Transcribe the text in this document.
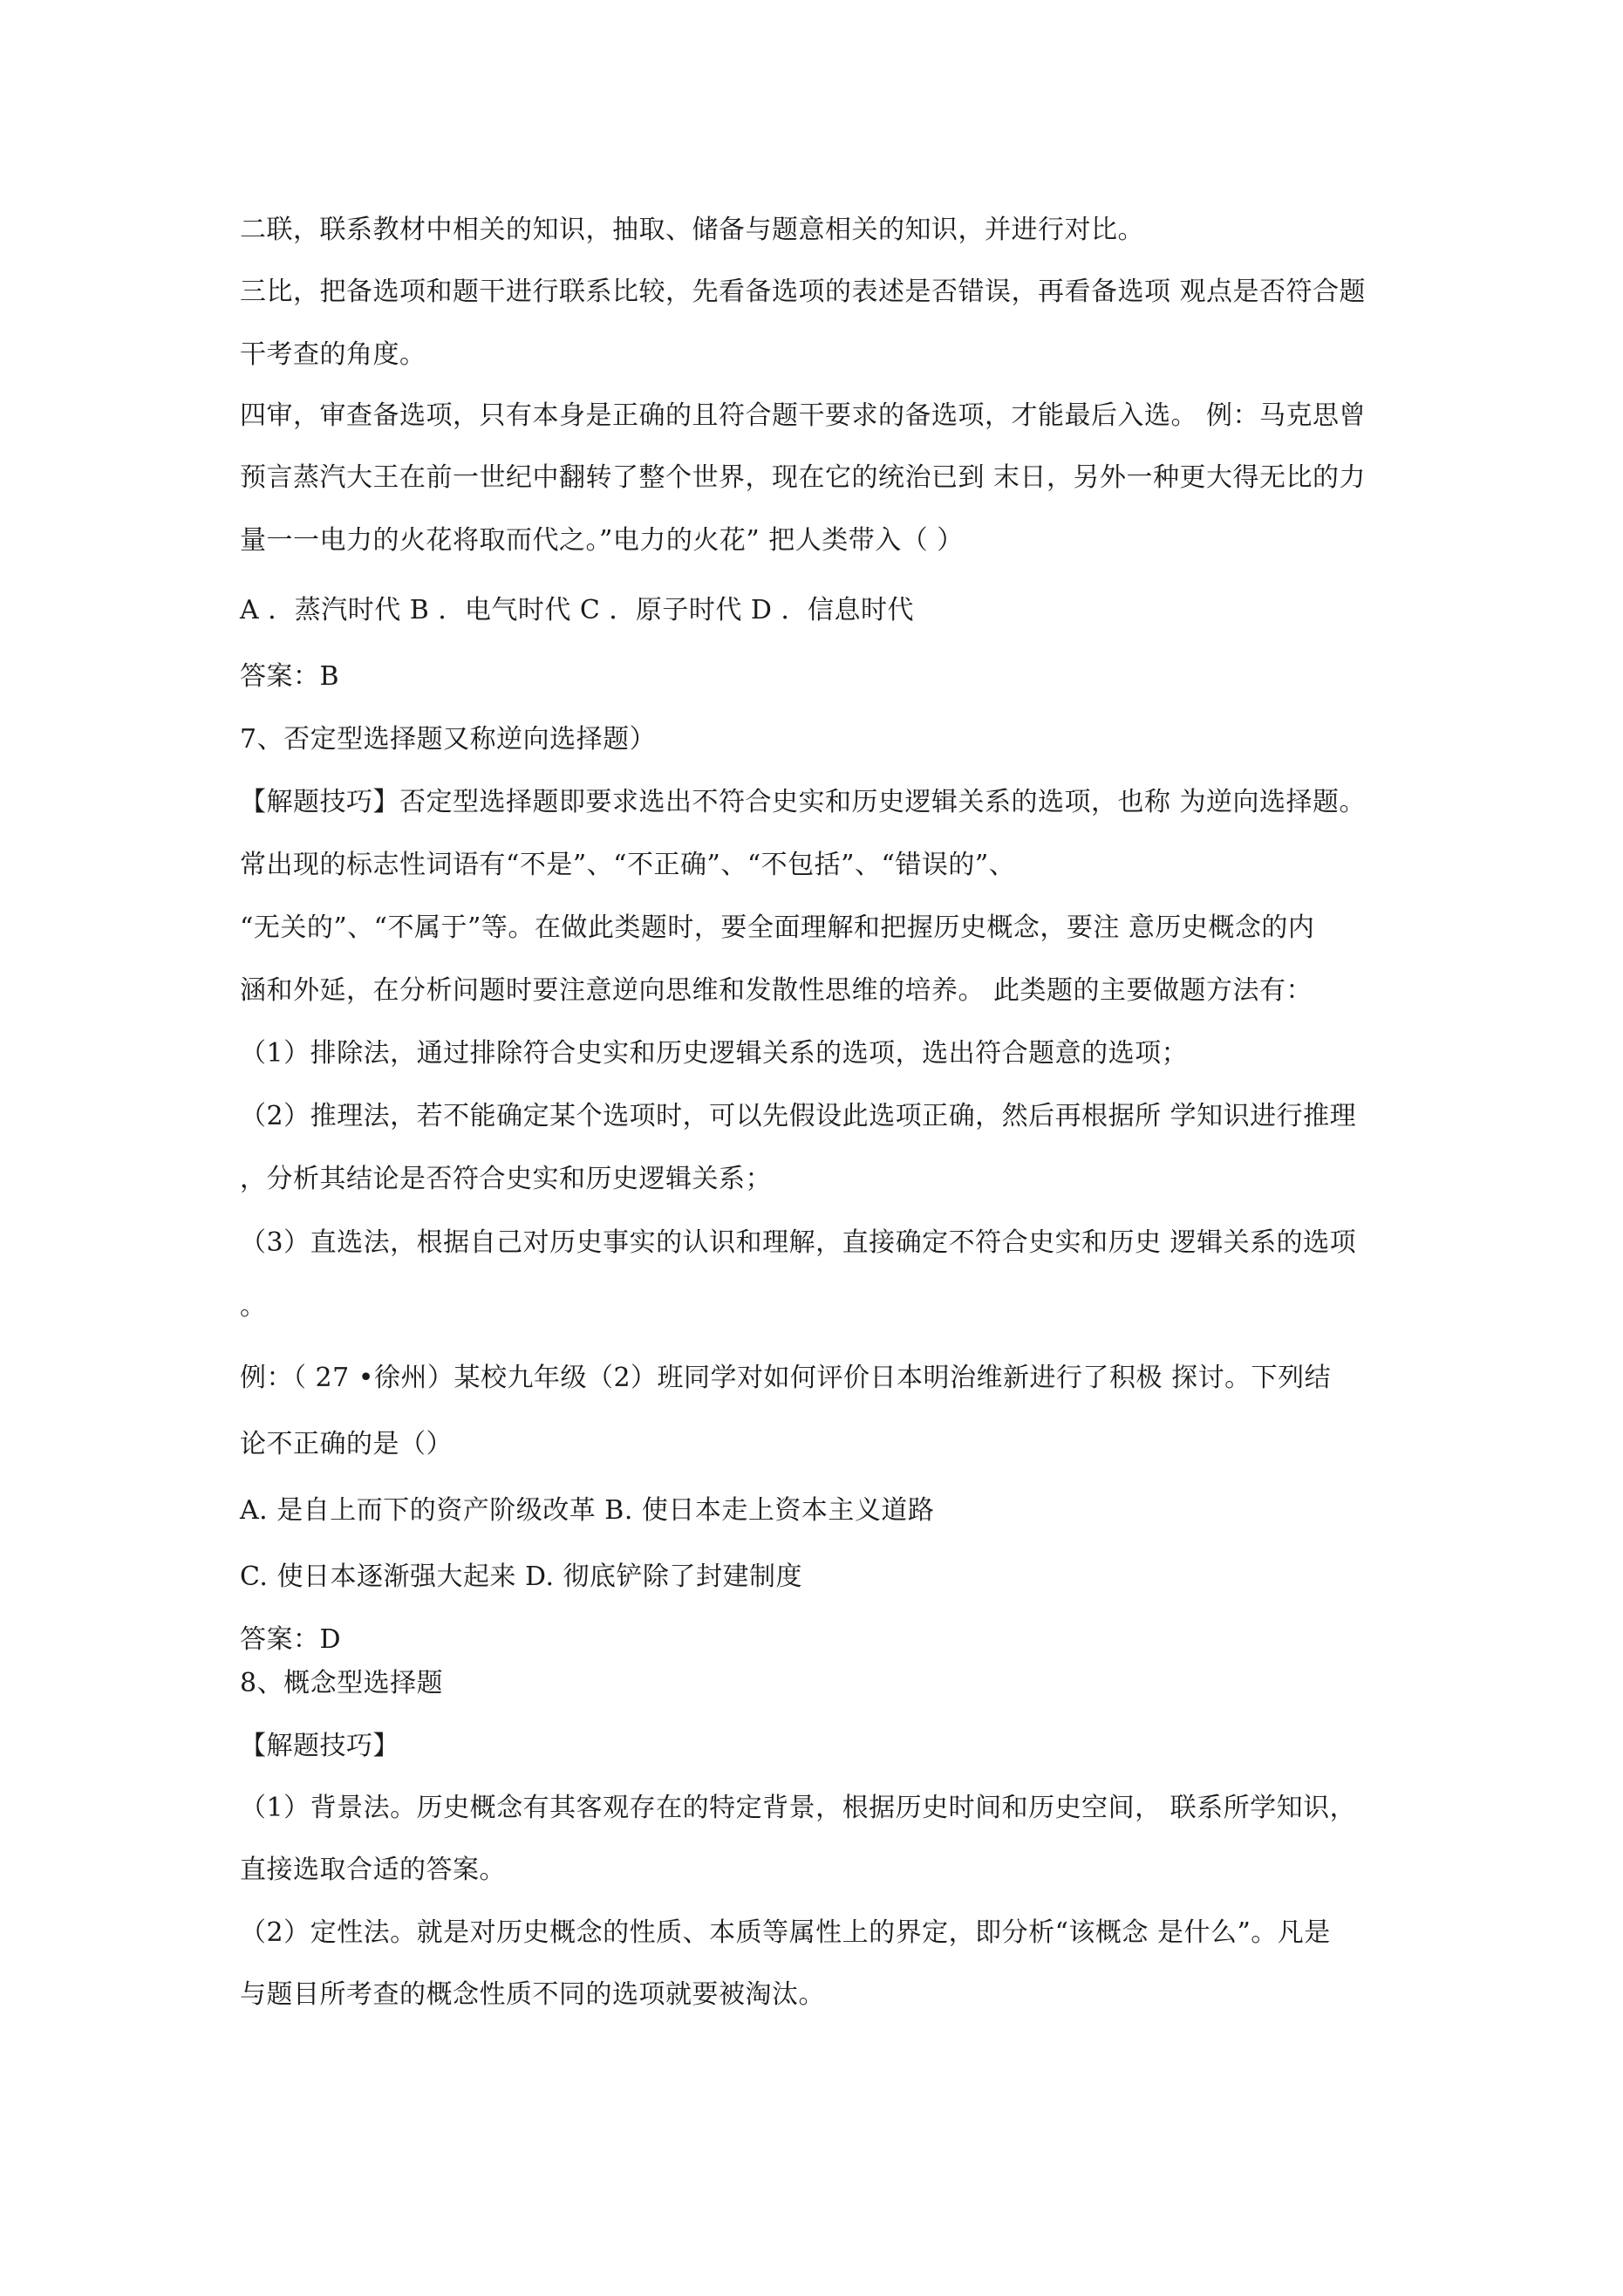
二联，联系教材中相关的知识，抽取、储备与题意相关的知识，并进行对比。
三比，把备选项和题干进行联系比较，先看备选项的表述是否错误，再看备选项 观点是否符合题
干考查的角度。
四审，审查备选项，只有本身是正确的且符合题干要求的备选项，才能最后入选。 例：马克思曾
预言蒸汽大王在前一世纪中翻转了整个世界，现在它的统治已到 末日，另外一种更大得无比的力
量一一电力的火花将取而代之。”电力的火花” 把人类带入（ ）
A ．蒸汽时代 B ．电气时代 C ．原子时代 D ．信息时代
答案：B
7、否定型选择题又称逆向选择题）
【解题技巧】否定型选择题即要求选出不符合史实和历史逻辑关系的选项，也称 为逆向选择题。
常出现的标志性词语有“不是”、“不正确”、“不包括”、“错误的”、
“无关的”、“不属于”等。在做此类题时，要全面理解和把握历史概念，要注 意历史概念的内
涵和外延，在分析问题时要注意逆向思维和发散性思维的培养。 此类题的主要做题方法有：
（1）排除法，通过排除符合史实和历史逻辑关系的选项，选出符合题意的选项；
（2）推理法，若不能确定某个选项时，可以先假设此选项正确，然后再根据所 学知识进行推理
，分析其结论是否符合史实和历史逻辑关系；
（3）直选法，根据自己对历史事实的认识和理解，直接确定不符合史实和历史 逻辑关系的选项
。
例：（ 27 •徐州）某校九年级（2）班同学对如何评价日本明治维新进行了积极 探讨。下列结
论不正确的是（）
A. 是自上而下的资产阶级改革 B. 使日本走上资本主义道路
C. 使日本逐渐强大起来 D. 彻底铲除了封建制度
答案：D
8、概念型选择题
【解题技巧】
（1）背景法。历史概念有其客观存在的特定背景，根据历史时间和历史空间， 联系所学知识，
直接选取合适的答案。
（2）定性法。就是对历史概念的性质、本质等属性上的界定，即分析“该概念 是什么”。凡是
与题目所考查的概念性质不同的选项就要被淘汰。
